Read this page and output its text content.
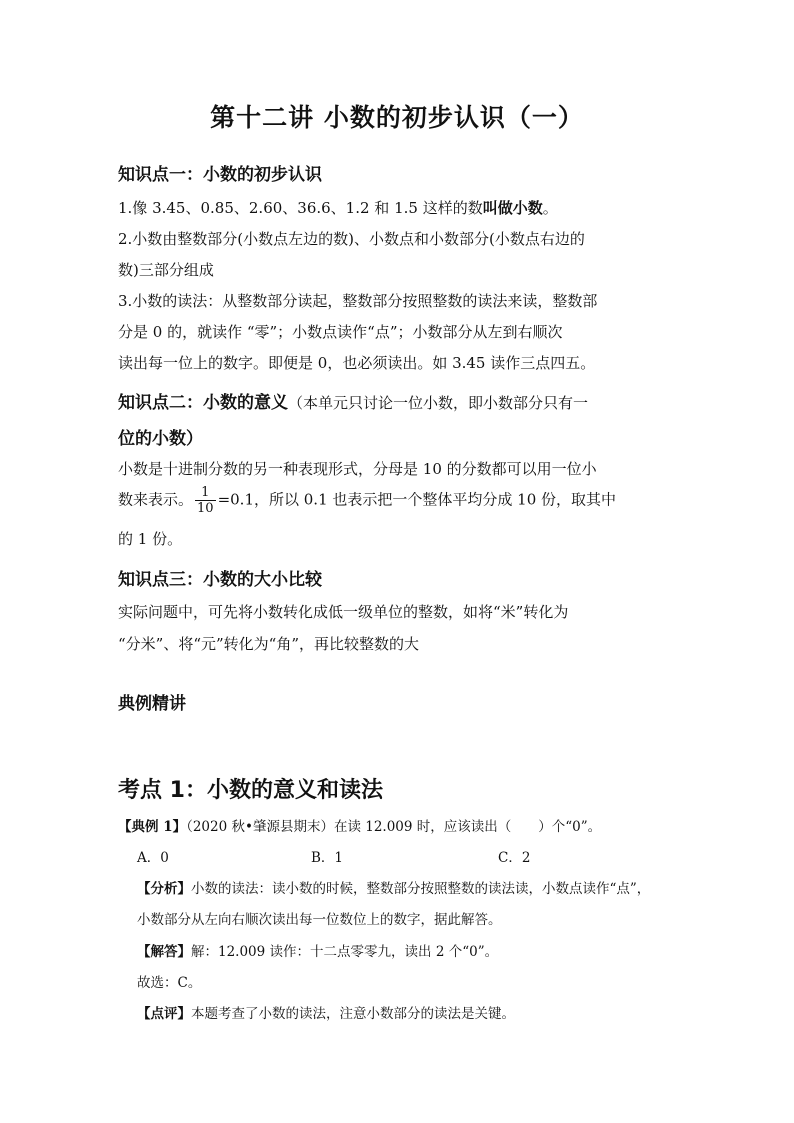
第十二讲 小数的初步认识（一）
知识点一：小数的初步认识
1.像 3.45、0.85、2.60、36.6、1.2 和 1.5 这样的数叫做小数。
2.小数由整数部分(小数点左边的数)、小数点和小数部分(小数点右边的
数)三部分组成
3.小数的读法：从整数部分读起，整数部分按照整数的读法来读，整数部
分是 0 的，就读作 “零”；小数点读作“点”；小数部分从左到右顺次
读出每一位上的数字。即便是 0，也必须读出。如 3.45 读作三点四五。
知识点二：小数的意义（本单元只讨论一位小数，即小数部分只有一
位的小数）
小数是十进制分数的另一种表现形式，分母是 10 的分数都可以用一位小
数来表示。 $\frac{1}{10} =0.1$，所以 0.1 也表示把一个整体平均分成 10 份，取其中
的 1 份。
知识点三：小数的大小比较
实际问题中，可先将小数转化成低一级单位的整数，如将“米”转化为
“分米”、将“元”转化为“角”，再比较整数的大
典例精讲
考点 1：小数的意义和读法
【典例 1】（2020 秋•肇源县期末）在读 12.009 时，应该读出（　　）个“0”。
A．0	B．1	C．2
【分析】小数的读法：读小数的时候，整数部分按照整数的读法读，小数点读作“点”，
小数部分从左向右顺次读出每一位数位上的数字，据此解答。
【解答】解：12.009 读作：十二点零零九，读出 2 个“0”。
故选：C。
【点评】本题考查了小数的读法，注意小数部分的读法是关键。
